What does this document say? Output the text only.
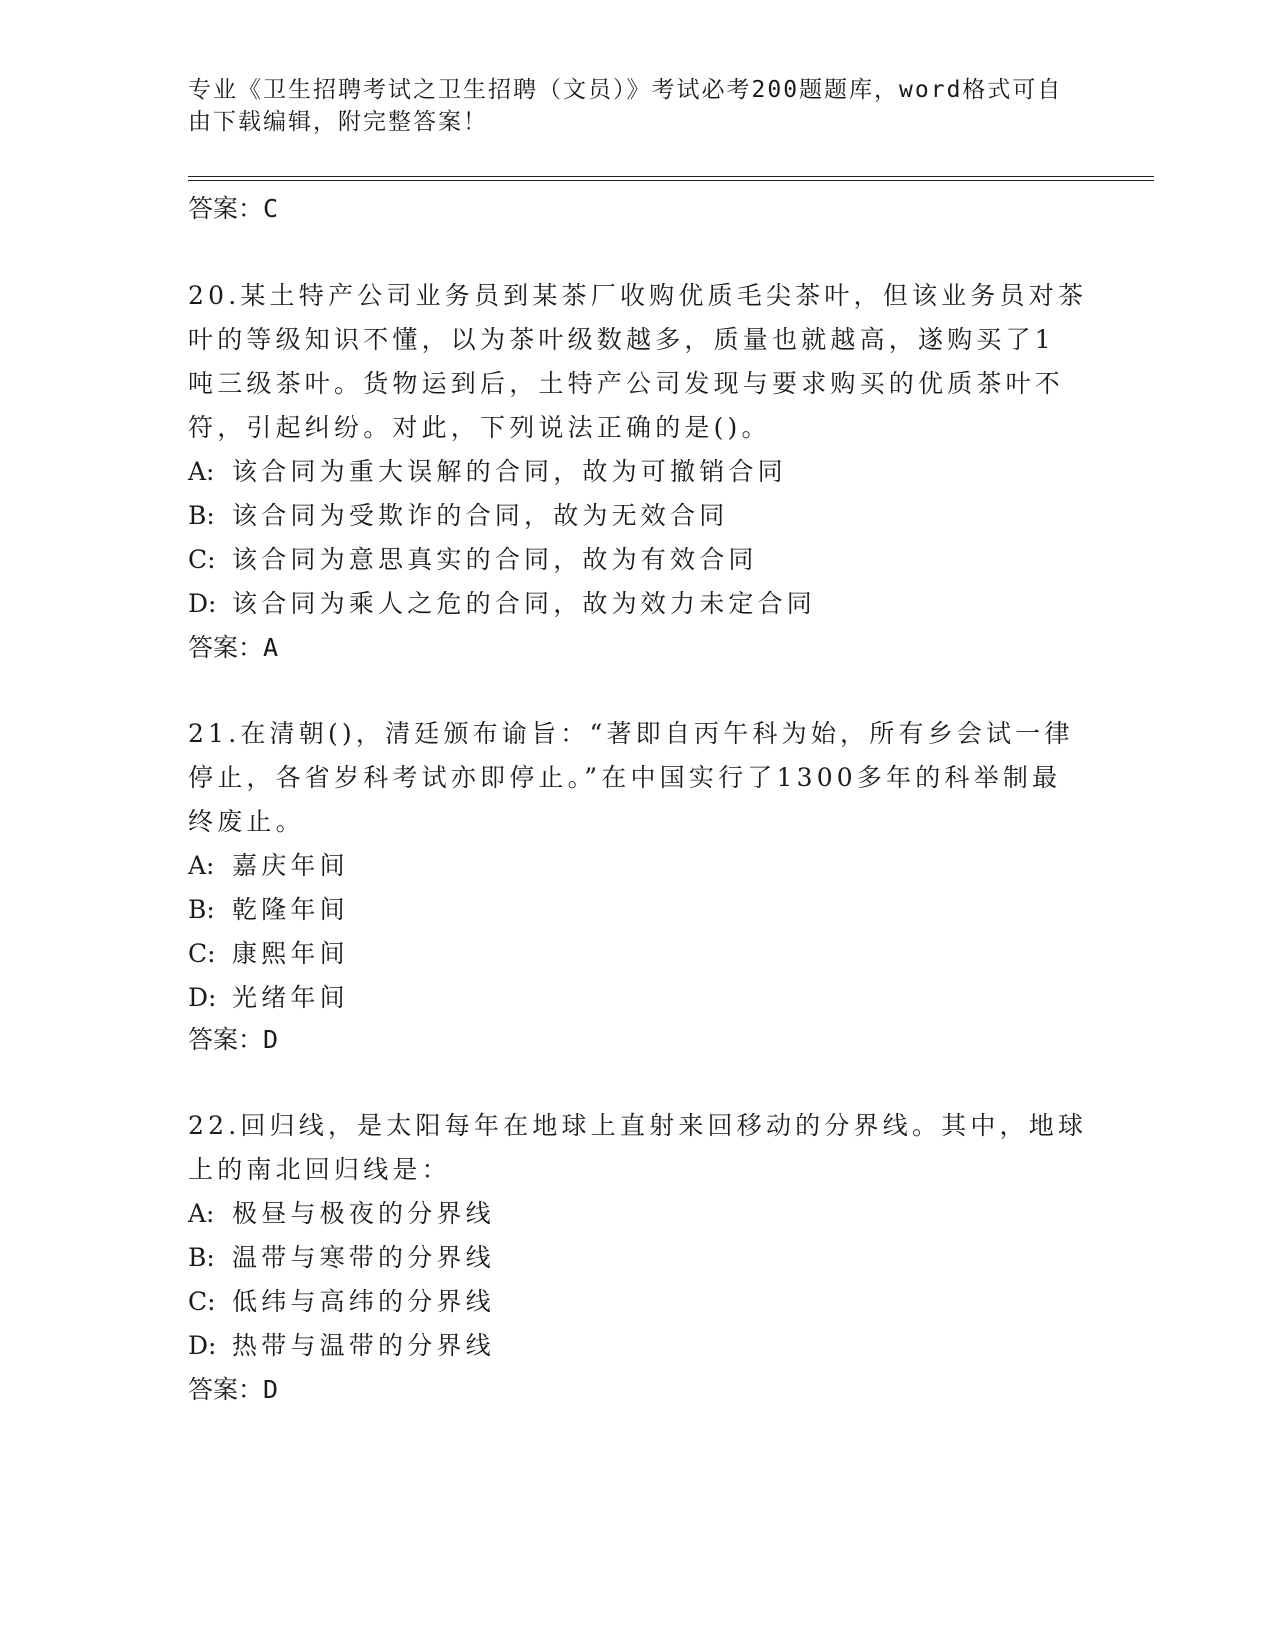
专业《卫生招聘考试之卫生招聘（文员）》考试必考200题题库，word格式可自
由下载编辑，附完整答案！
答案：C
20.某土特产公司业务员到某茶厂收购优质毛尖茶叶，但该业务员对茶
叶的等级知识不懂，以为茶叶级数越多，质量也就越高，遂购买了1
吨三级茶叶。货物运到后，土特产公司发现与要求购买的优质茶叶不
符，引起纠纷。对此，下列说法正确的是()。
A: 该合同为重大误解的合同，故为可撤销合同
B: 该合同为受欺诈的合同，故为无效合同
C: 该合同为意思真实的合同，故为有效合同
D: 该合同为乘人之危的合同，故为效力未定合同
答案：A
21.在清朝()，清廷颁布谕旨：“著即自丙午科为始，所有乡会试一律
停止，各省岁科考试亦即停止。”在中国实行了1300多年的科举制最
终废止。
A: 嘉庆年间
B: 乾隆年间
C: 康熙年间
D: 光绪年间
答案：D
22.回归线，是太阳每年在地球上直射来回移动的分界线。其中，地球
上的南北回归线是：
A: 极昼与极夜的分界线
B: 温带与寒带的分界线
C: 低纬与高纬的分界线
D: 热带与温带的分界线
答案：D
